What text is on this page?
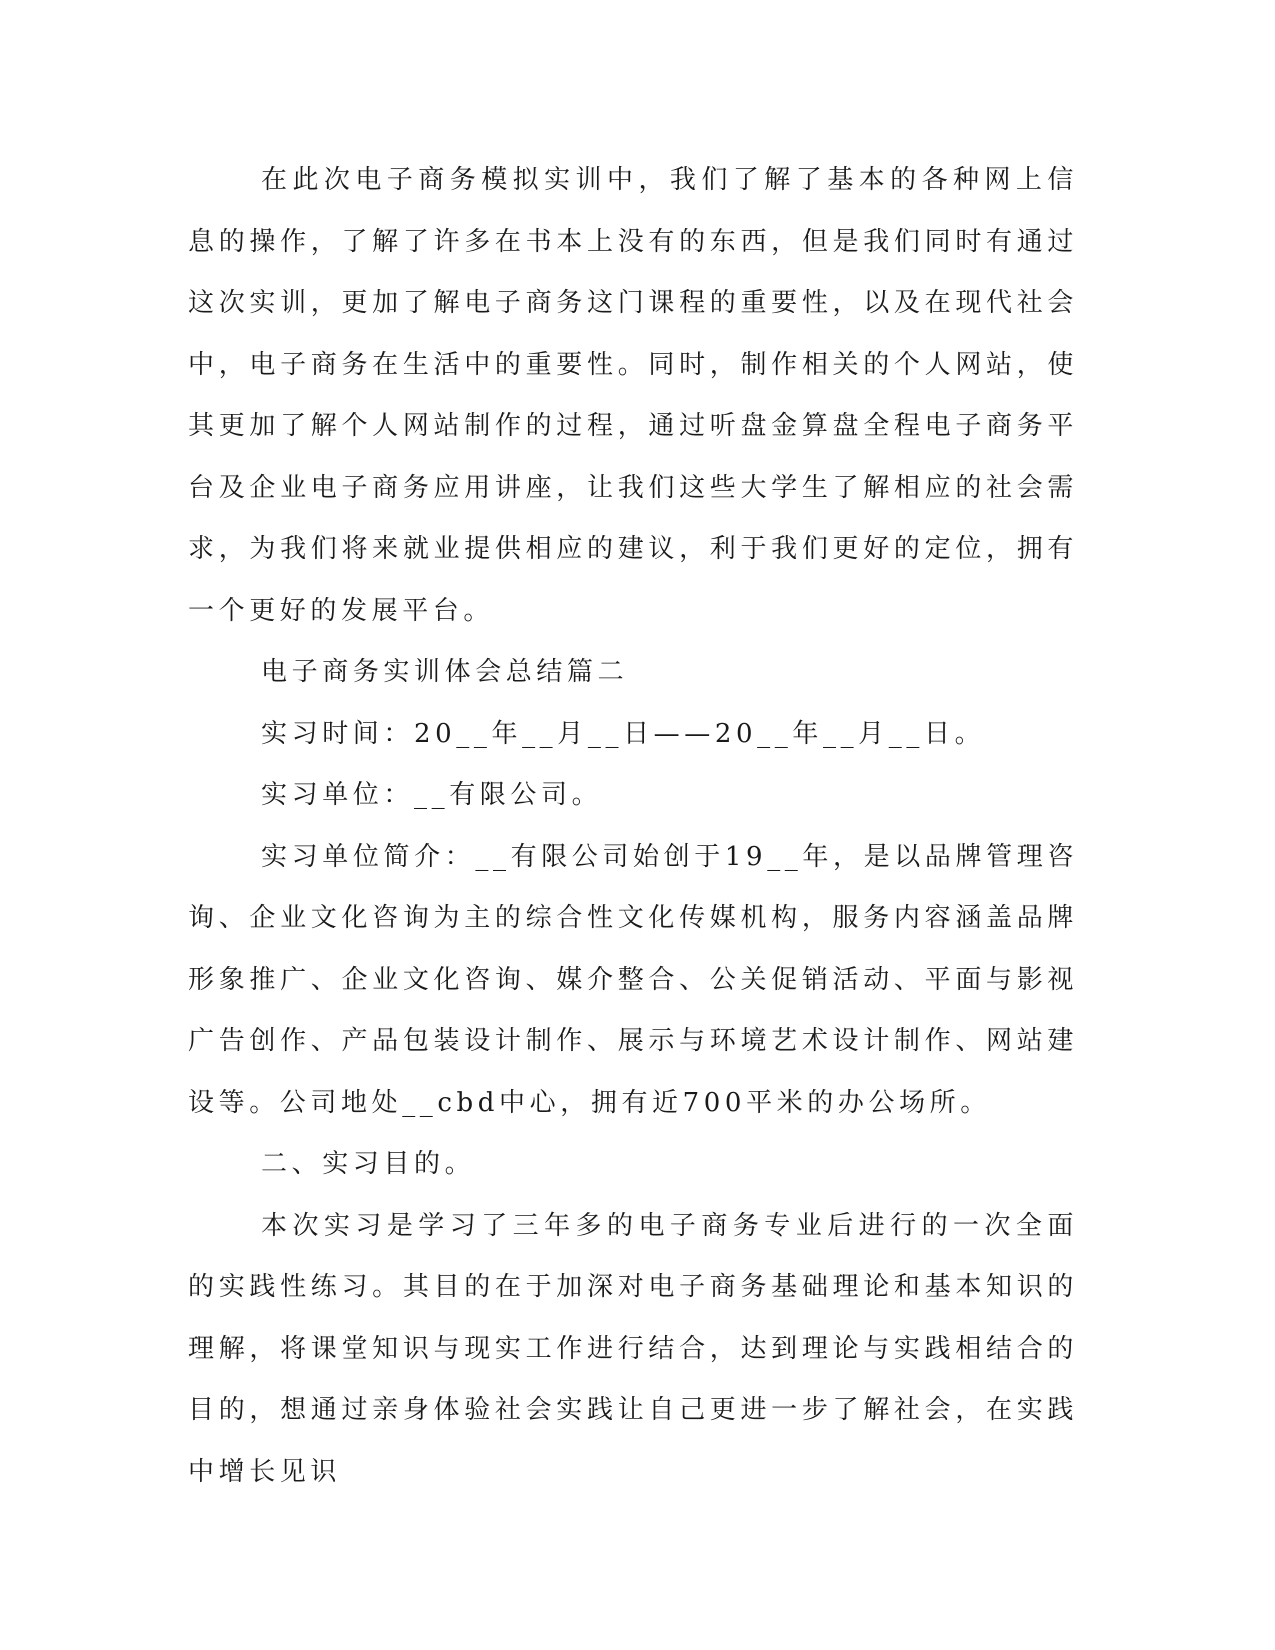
在此次电子商务模拟实训中，我们了解了基本的各种网上信息的操作，了解了许多在书本上没有的东西，但是我们同时有通过这次实训，更加了解电子商务这门课程的重要性，以及在现代社会中，电子商务在生活中的重要性。同时，制作相关的个人网站，使其更加了解个人网站制作的过程，通过听盘金算盘全程电子商务平台及企业电子商务应用讲座，让我们这些大学生了解相应的社会需求，为我们将来就业提供相应的建议，利于我们更好的定位，拥有一个更好的发展平台。

电子商务实训体会总结篇二

实习时间：20__年__月__日——20__年__月__日。

实习单位：__有限公司。

实习单位简介：__有限公司始创于19__年，是以品牌管理咨询、企业文化咨询为主的综合性文化传媒机构，服务内容涵盖品牌形象推广、企业文化咨询、媒介整合、公关促销活动、平面与影视广告创作、产品包装设计制作、展示与环境艺术设计制作、网站建设等。公司地处__cbd中心，拥有近700平米的办公场所。

二、实习目的。

本次实习是学习了三年多的电子商务专业后进行的一次全面的实践性练习。其目的在于加深对电子商务基础理论和基本知识的理解，将课堂知识与现实工作进行结合，达到理论与实践相结合的目的，想通过亲身体验社会实践让自己更进一步了解社会，在实践中增长见识
